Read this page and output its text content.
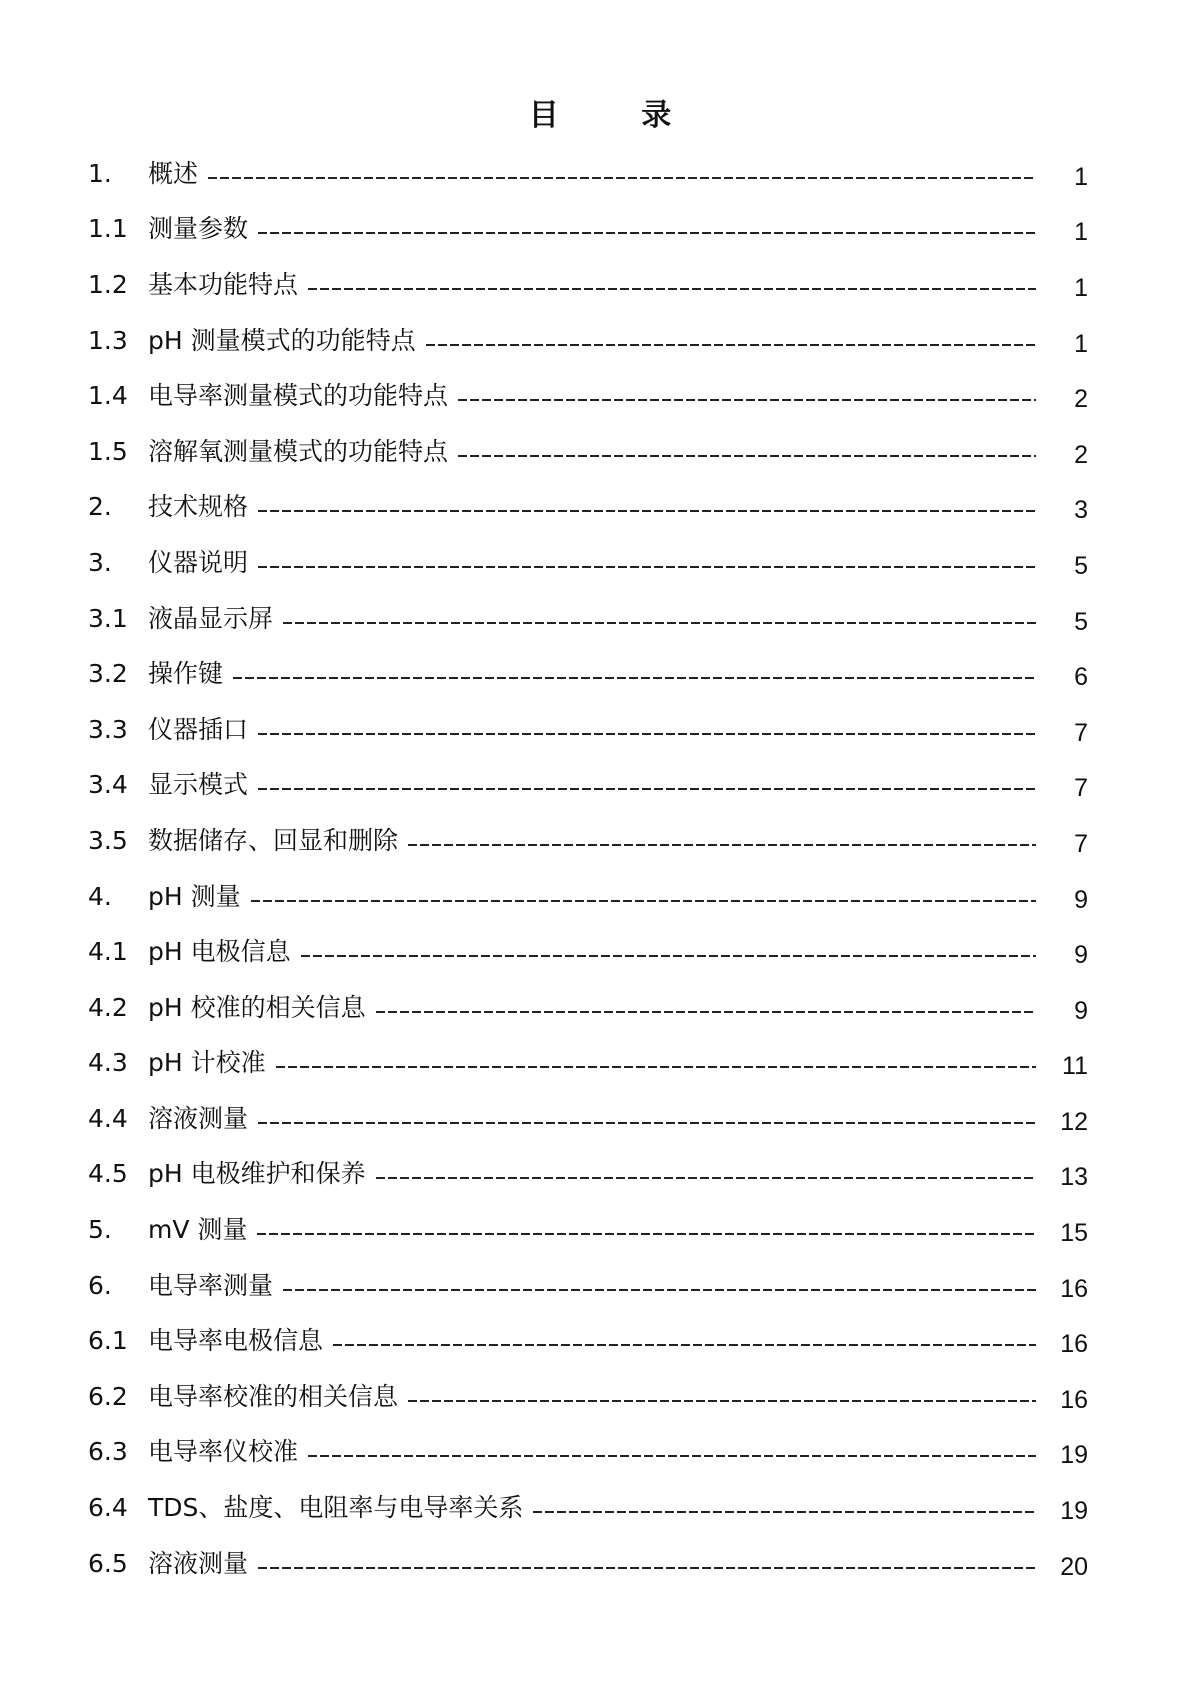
目 录
1.	概述	1
1.1 测量参数	1
1.2 基本功能特点	1
1.3 pH 测量模式的功能特点	1
1.4 电导率测量模式的功能特点	2
1.5 溶解氧测量模式的功能特点	2
2.	技术规格	3
3.	仪器说明	5
3.1 液晶显示屏	5
3.2 操作键	6
3.3 仪器插口	7
3.4 显示模式	7
3.5 数据储存、回显和删除	7
4.	pH 测量	9
4.1 pH 电极信息	9
4.2 pH 校准的相关信息	9
4.3 pH 计校准	11
4.4 溶液测量	12
4.5 pH 电极维护和保养	13
5.	mV 测量	15
6.	电导率测量	16
6.1 电导率电极信息	16
6.2 电导率校准的相关信息	16
6.3 电导率仪校准	19
6.4 TDS、盐度、电阻率与电导率关系	19
6.5 溶液测量	20
